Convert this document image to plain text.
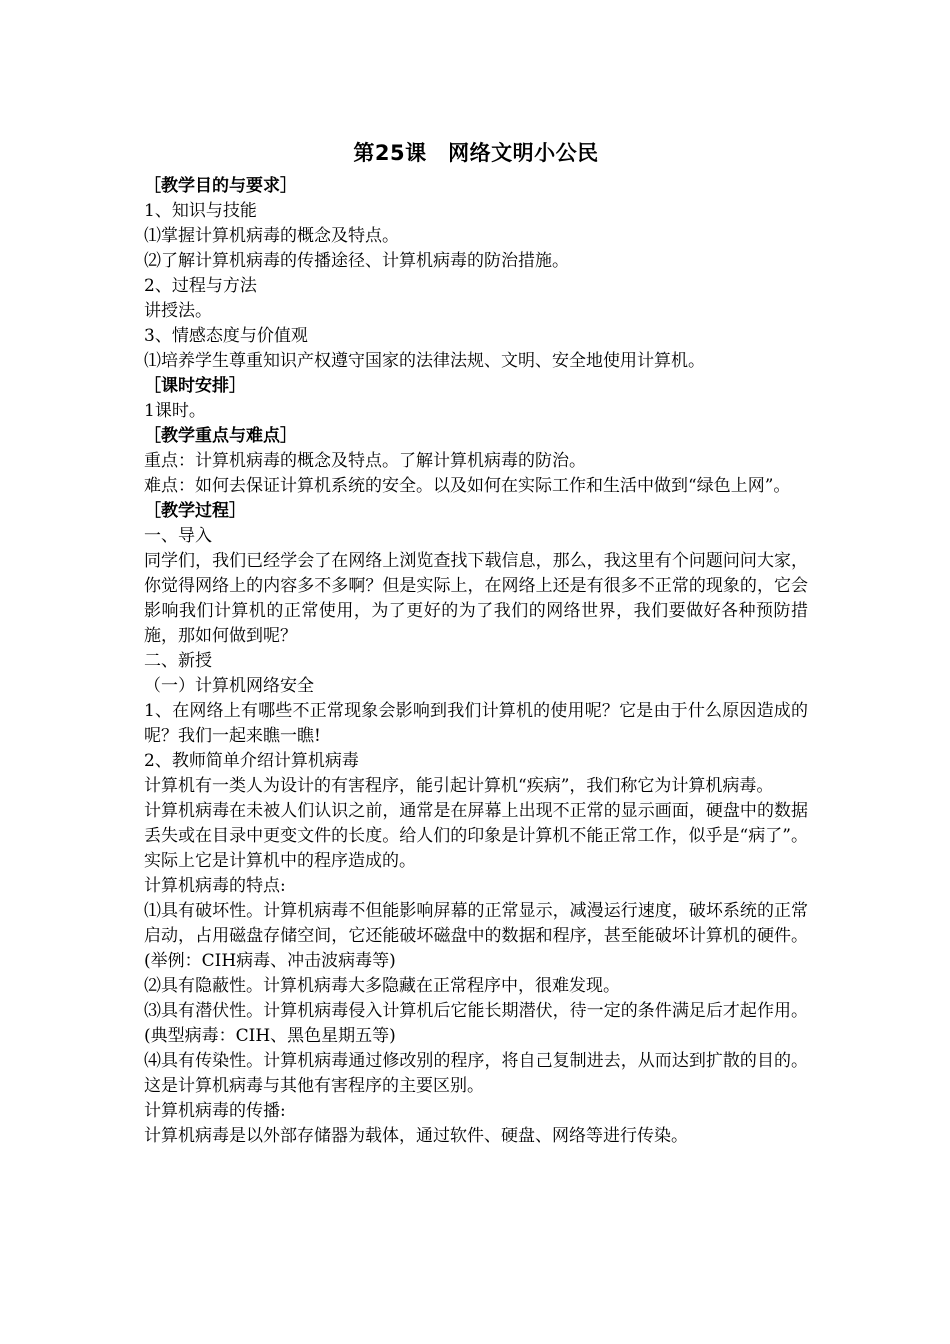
第25课　网络文明小公民
［教学目的与要求］
1、知识与技能
⑴掌握计算机病毒的概念及特点。
⑵了解计算机病毒的传播途径、计算机病毒的防治措施。
2、过程与方法
讲授法。
3、情感态度与价值观
⑴培养学生尊重知识产权遵守国家的法律法规、文明、安全地使用计算机。
［课时安排］
1课时。
［教学重点与难点］
重点：计算机病毒的概念及特点。了解计算机病毒的防治。

难点：如何去保证计算机系统的安全。以及如何在实际工作和生活中做到“绿色上网”。

［教学过程］
一、导入

同学们，我们已经学会了在网络上浏览查找下载信息，那么，我这里有个问题问问大家， 你觉得网络上的内容多不多啊？但是实际上，在网络上还是有很多不正常的现象的，它会影响我们计算机的正常使用，为了更好的为了我们的网络世界，我们要做好各种预防措施，那如何做到呢？

二、新授
（一）计算机网络安全

1、在网络上有哪些不正常现象会影响到我们计算机的使用呢？它是由于什么原因造成的呢？我们一起来瞧一瞧!

2、教师简单介绍计算机病毒

计算机有一类人为设计的有害程序，能引起计算机“疾病”，我们称它为计算机病毒。

计算机病毒在未被人们认识之前，通常是在屏幕上出现不正常的显示画面，硬盘中的数据丢失或在目录中更变文件的长度。给人们的印象是计算机不能正常工作，似乎是“病了”。实际上它是计算机中的程序造成的。

计算机病毒的特点:

⑴具有破坏性。计算机病毒不但能影响屏幕的正常显示，减漫运行速度，破坏系统的正常启动，占用磁盘存储空间，它还能破坏磁盘中的数据和程序，甚至能破坏计算机的硬件。(举例：CIH病毒、冲击波病毒等)

⑵具有隐蔽性。计算机病毒大多隐藏在正常程序中，很难发现。

⑶具有潜伏性。计算机病毒侵入计算机后它能长期潜伏，待一定的条件满足后才起作用。(典型病毒：CIH、黑色星期五等)

⑷具有传染性。计算机病毒通过修改别的程序，将自己复制进去，从而达到扩散的目的。这是计算机病毒与其他有害程序的主要区别。

计算机病毒的传播:
计算机病毒是以外部存储器为载体，通过软件、硬盘、网络等进行传染。
